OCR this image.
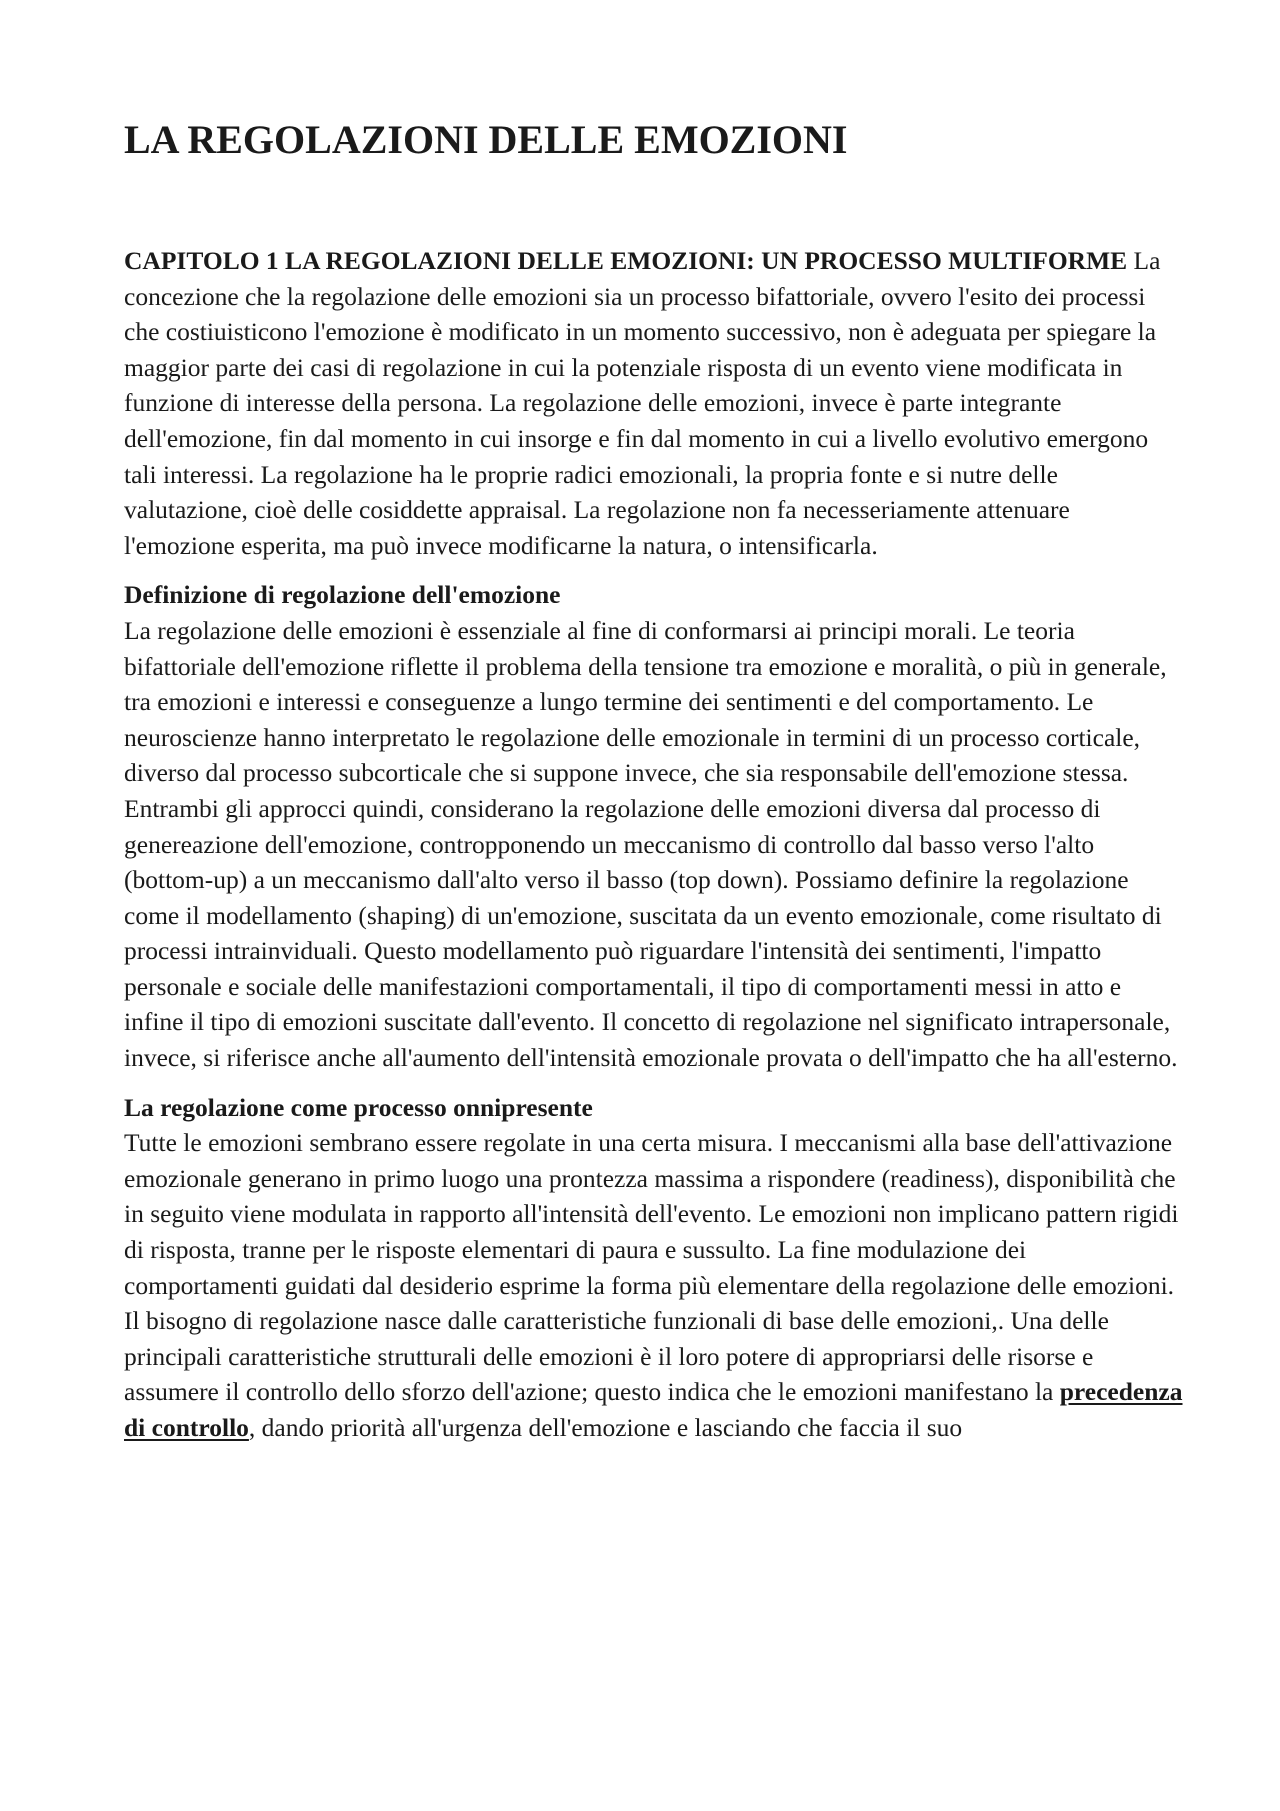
LA REGOLAZIONI DELLE EMOZIONI

CAPITOLO 1 LA REGOLAZIONI DELLE EMOZIONI: UN PROCESSO MULTIFORME La concezione che la regolazione delle emozioni sia un processo bifattoriale, ovvero l'esito dei processi che costiuisticono l'emozione è modificato in un momento successivo, non è adeguata per spiegare la maggior parte dei casi di regolazione in cui la potenziale risposta di un evento viene modificata in funzione di interesse della persona. La regolazione delle emozioni, invece è parte integrante dell'emozione, fin dal momento in cui insorge e fin dal momento in cui a livello evolutivo emergono tali interessi. La regolazione ha le proprie radici emozionali, la propria fonte e si nutre delle valutazione, cioè delle cosiddette appraisal. La regolazione non fa necesseriamente attenuare l'emozione esperita, ma può invece modificarne la natura, o intensificarla.

Definizione di regolazione dell'emozione
La regolazione delle emozioni è essenziale al fine di conformarsi ai principi morali. Le teoria bifattoriale dell'emozione riflette il problema della tensione tra emozione e moralità, o più in generale, tra emozioni e interessi e conseguenze a lungo termine dei sentimenti e del comportamento. Le neuroscienze hanno interpretato le regolazione delle emozionale in termini di un processo corticale, diverso dal processo subcorticale che si suppone invece, che sia responsabile dell'emozione stessa. Entrambi gli approcci quindi, considerano la regolazione delle emozioni diversa dal processo di genereazione dell'emozione, contropponendo un meccanismo di controllo dal basso verso l'alto (bottom-up) a un meccanismo dall'alto verso il basso (top down). Possiamo definire la regolazione come il modellamento (shaping) di un'emozione, suscitata da un evento emozionale, come risultato di processi intrainviduali. Questo modellamento può riguardare l'intensità dei sentimenti, l'impatto personale e sociale delle manifestazioni comportamentali, il tipo di comportamenti messi in atto e infine il tipo di emozioni suscitate dall'evento. Il concetto di regolazione nel significato intrapersonale, invece, si riferisce anche all'aumento dell'intensità emozionale provata o dell'impatto che ha all'esterno.

La regolazione come processo onnipresente
Tutte le emozioni sembrano essere regolate in una certa misura. I meccanismi alla base dell'attivazione emozionale generano in primo luogo una prontezza massima a rispondere (readiness), disponibilità che in seguito viene modulata in rapporto all'intensità dell'evento. Le emozioni non implicano pattern rigidi di risposta, tranne per le risposte elementari di paura e sussulto. La fine modulazione dei comportamenti guidati dal desiderio esprime la forma più elementare della regolazione delle emozioni. Il bisogno di regolazione nasce dalle caratteristiche funzionali di base delle emozioni,. Una delle principali caratteristiche strutturali delle emozioni è il loro potere di appropriarsi delle risorse e assumere il controllo dello sforzo dell'azione; questo indica che le emozioni manifestano la precedenza di controllo, dando priorità all'urgenza dell'emozione e lasciando che faccia il suo
